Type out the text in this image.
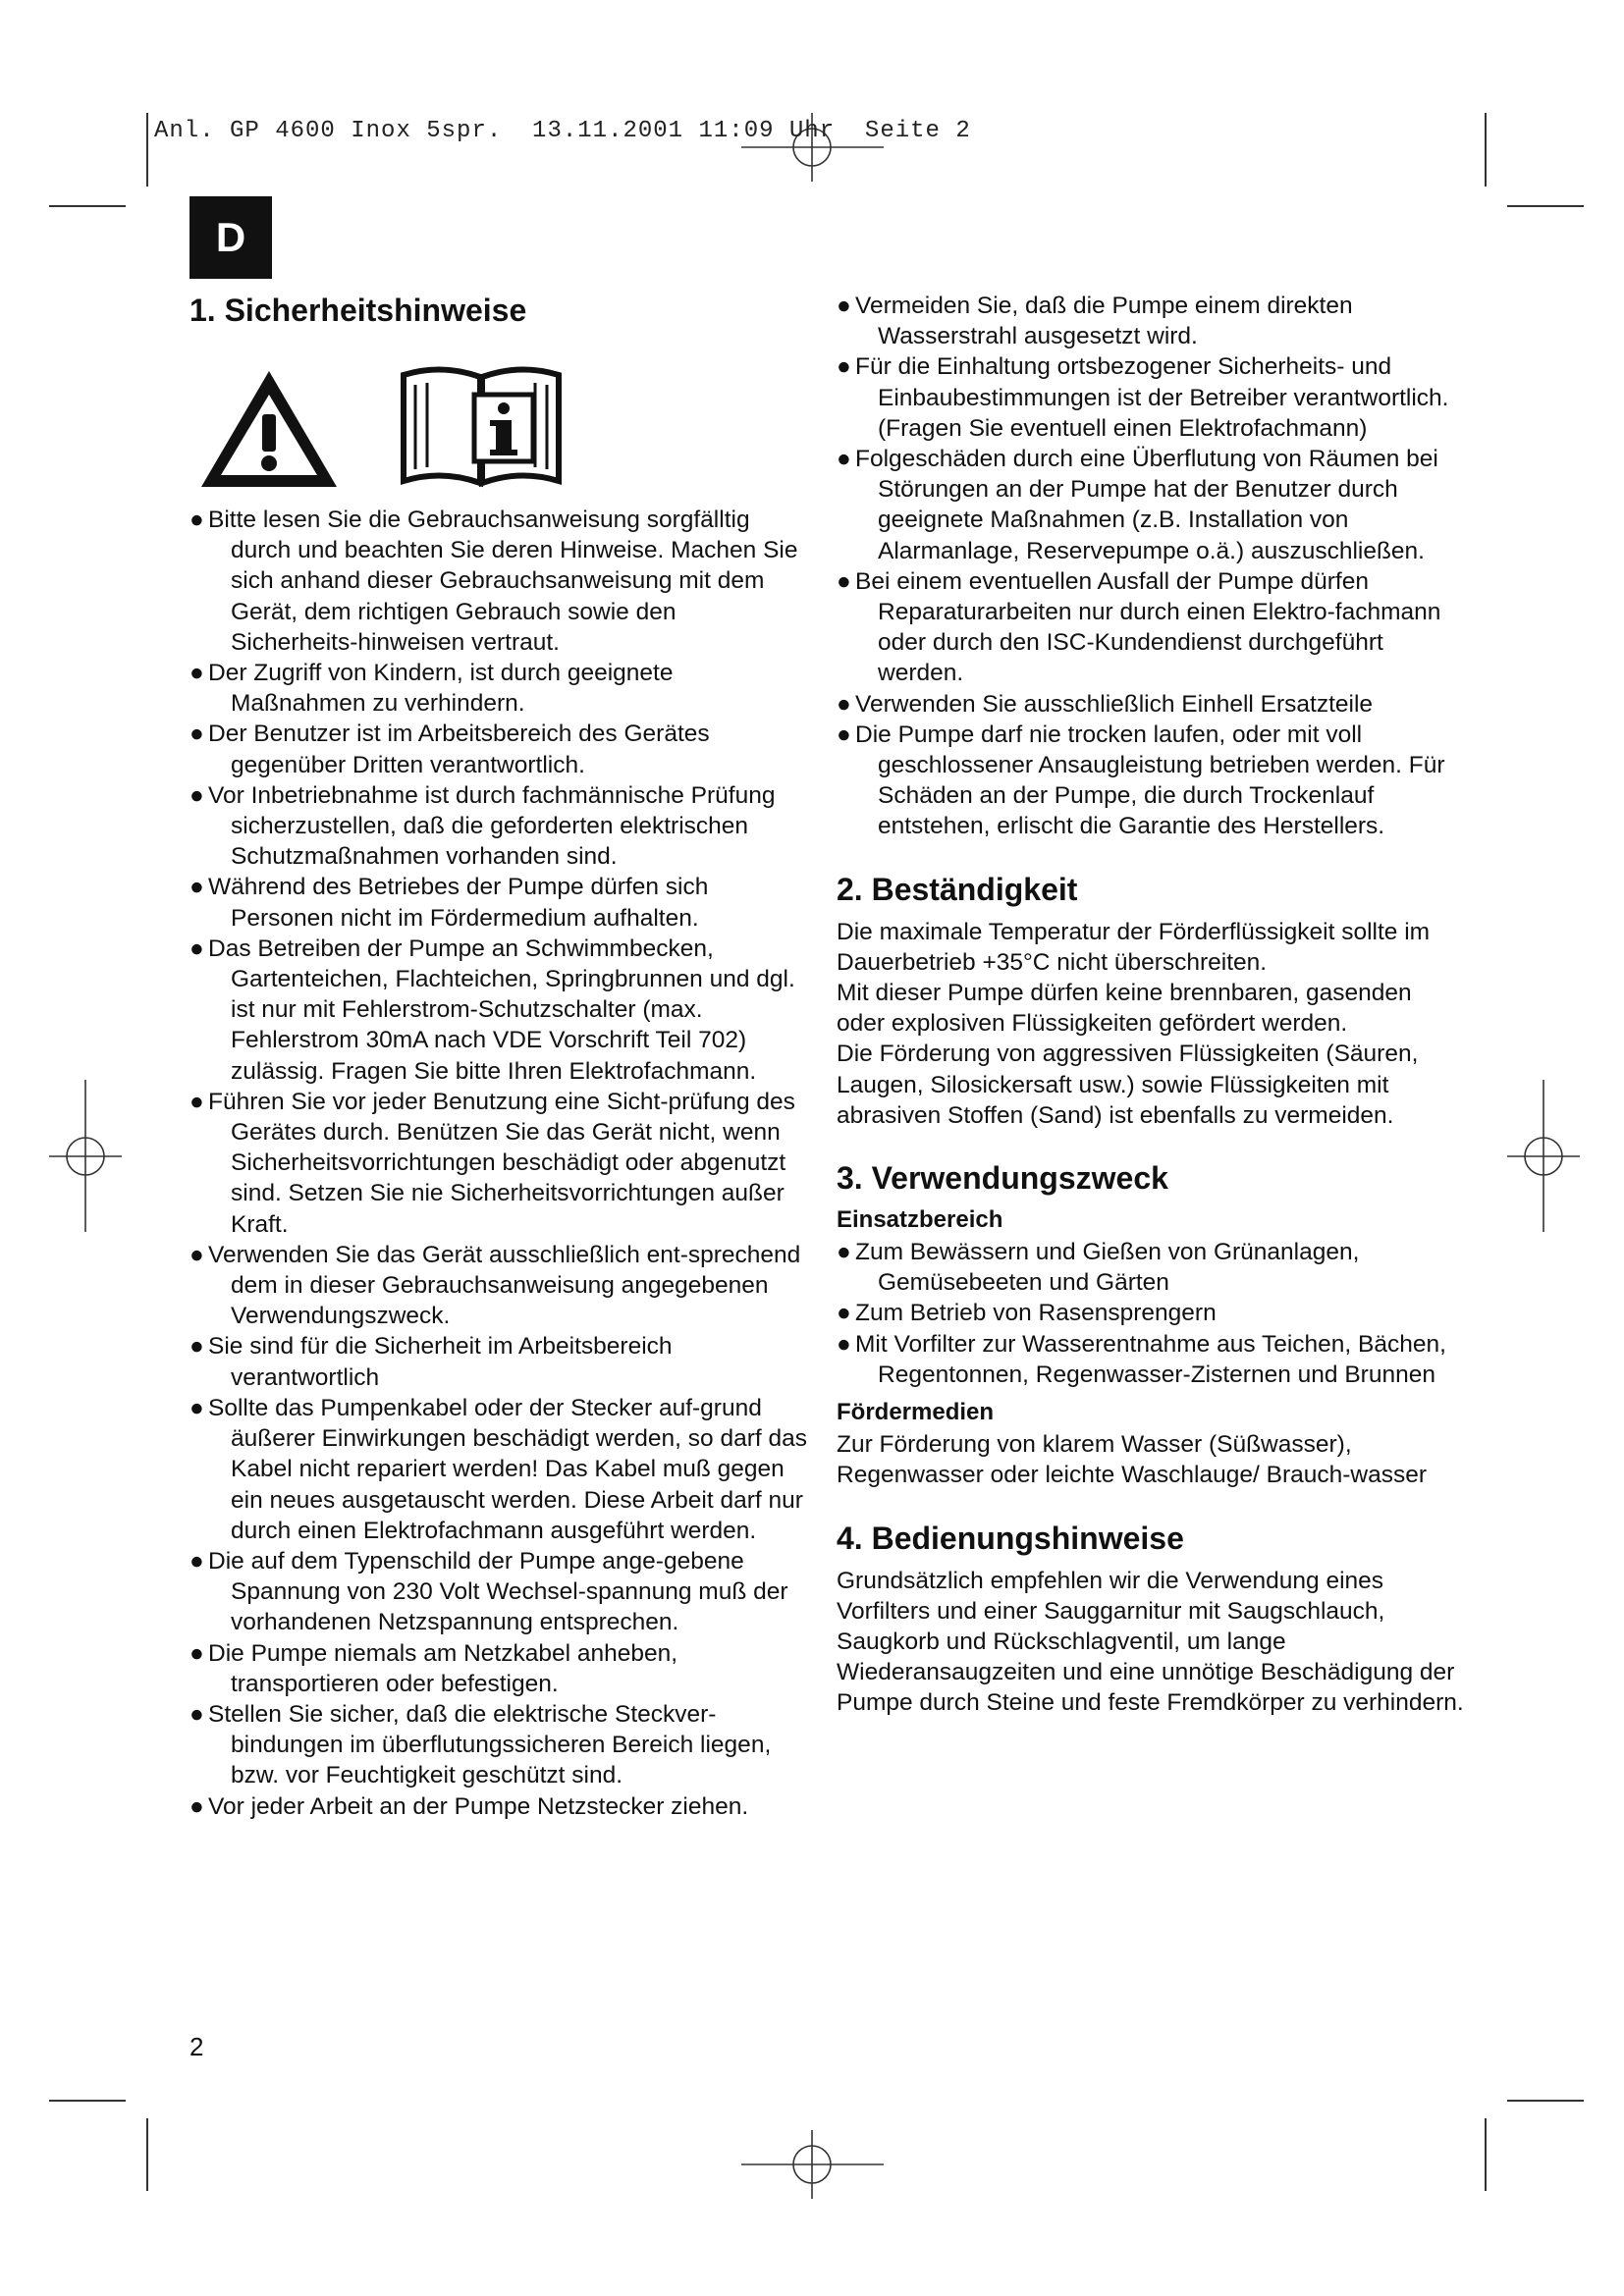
Anl. GP 4600 Inox 5spr.  13.11.2001 11:09 Uhr  Seite 2
D
1. Sicherheitshinweise
● Bitte lesen Sie die Gebrauchsanweisung sorgfälltig durch und beachten Sie deren Hinweise. Machen Sie sich anhand dieser Gebrauchsanweisung mit dem Gerät, dem richtigen Gebrauch sowie den Sicherheits-hinweisen vertraut.
● Der Zugriff von Kindern, ist durch geeignete Maßnahmen zu verhindern.
● Der Benutzer ist im Arbeitsbereich des Gerätes gegenüber Dritten verantwortlich.
● Vor Inbetriebnahme ist durch fachmännische Prüfung sicherzustellen, daß die geforderten elektrischen Schutzmaßnahmen vorhanden sind.
● Während des Betriebes der Pumpe dürfen sich Personen nicht im Fördermedium aufhalten.
● Das Betreiben der Pumpe an Schwimmbecken, Gartenteichen, Flachteichen, Springbrunnen und dgl. ist nur mit Fehlerstrom-Schutzschalter (max. Fehlerstrom 30mA nach VDE Vorschrift Teil 702) zulässig. Fragen Sie bitte Ihren Elektrofachmann.
● Führen Sie vor jeder Benutzung eine Sicht-prüfung des Gerätes durch. Benützen Sie das Gerät nicht, wenn Sicherheitsvorrichtungen beschädigt oder abgenutzt sind. Setzen Sie nie Sicherheitsvorrichtungen außer Kraft.
● Verwenden Sie das Gerät ausschließlich ent-sprechend dem in dieser Gebrauchsanweisung angegebenen Verwendungszweck.
● Sie sind für die Sicherheit im Arbeitsbereich verantwortlich
● Sollte das Pumpenkabel oder der Stecker auf-grund äußerer Einwirkungen beschädigt werden, so darf das Kabel nicht repariert werden! Das Kabel muß gegen ein neues ausgetauscht werden. Diese Arbeit darf nur durch einen Elektrofachmann ausgeführt werden.
● Die auf dem Typenschild der Pumpe ange-gebene Spannung von 230 Volt Wechsel-spannung muß der vorhandenen Netzspannung entsprechen.
● Die Pumpe niemals am Netzkabel anheben, transportieren oder befestigen.
● Stellen Sie sicher, daß die elektrische Steckver-bindungen im überflutungssicheren Bereich liegen, bzw. vor Feuchtigkeit geschützt sind.
● Vor jeder Arbeit an der Pumpe Netzstecker ziehen.
● Vermeiden Sie, daß die Pumpe einem direkten Wasserstrahl ausgesetzt wird.
● Für die Einhaltung ortsbezogener Sicherheits- und Einbaubestimmungen ist der Betreiber verantwortlich. (Fragen Sie eventuell einen Elektrofachmann)
● Folgeschäden durch eine Überflutung von Räumen bei Störungen an der Pumpe hat der Benutzer durch geeignete Maßnahmen (z.B. Installation von Alarmanlage, Reservepumpe o.ä.) auszuschließen.
● Bei einem eventuellen Ausfall der Pumpe dürfen Reparaturarbeiten nur durch einen Elektro-fachmann oder durch den ISC-Kundendienst durchgeführt werden.
● Verwenden Sie ausschließlich Einhell Ersatzteile
● Die Pumpe darf nie trocken laufen, oder mit voll geschlossener Ansaugleistung betrieben werden. Für Schäden an der Pumpe, die durch Trockenlauf entstehen, erlischt die Garantie des Herstellers.
2. Beständigkeit

Die maximale Temperatur der Förderflüssigkeit sollte im Dauerbetrieb +35°C nicht überschreiten.

Mit dieser Pumpe dürfen keine brennbaren, gasenden oder explosiven Flüssigkeiten gefördert werden.

Die Förderung von aggressiven Flüssigkeiten (Säuren, Laugen, Silosickersaft usw.) sowie Flüssigkeiten mit abrasiven Stoffen (Sand) ist ebenfalls zu vermeiden.

3. Verwendungszweck
Einsatzbereich
● Zum Bewässern und Gießen von Grünanlagen, Gemüsebeeten und Gärten
● Zum Betrieb von Rasensprengern
● Mit Vorfilter zur Wasserentnahme aus Teichen, Bächen, Regentonnen, Regenwasser-Zisternen und Brunnen
Fördermedien

Zur Förderung von klarem Wasser (Süßwasser), Regenwasser oder leichte Waschlauge/ Brauch-wasser

4. Bedienungshinweise

Grundsätzlich empfehlen wir die Verwendung eines Vorfilters und einer Sauggarnitur mit Saugschlauch, Saugkorb und Rückschlagventil, um lange Wiederansaugzeiten und eine unnötige Beschädigung der Pumpe durch Steine und feste Fremdkörper zu verhindern.

2
